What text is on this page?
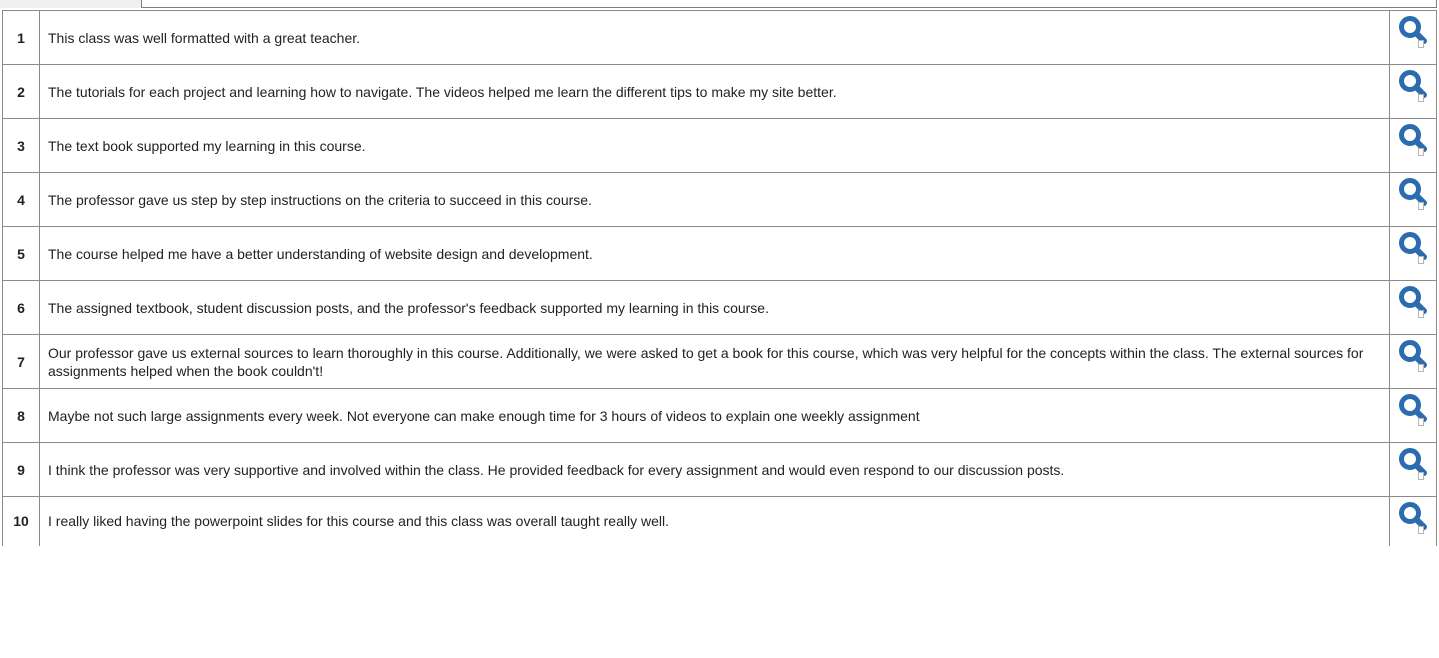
1	This class was well formatted with a great teacher.	

2	The tutorials for each project and learning how to navigate. The videos helped me learn the different tips to make my site better.	

3	The text book supported my learning in this course.	

4	The professor gave us step by step instructions on the criteria to succeed in this course.	

5	The course helped me have a better understanding of website design and development.	

6	The assigned textbook, student discussion posts, and the professor's feedback supported my learning in this course.	

7	Our professor gave us external sources to learn thoroughly in this course. Additionally, we were asked to get a book for this course, which was very helpful for the concepts within the class. The external sources for assignments helped when the book couldn't!	

8	Maybe not such large assignments every week. Not everyone can make enough time for 3 hours of videos to explain one weekly assignment	

9	I think the professor was very supportive and involved within the class. He provided feedback for every assignment and would even respond to our discussion posts.	

10	I really liked having the powerpoint slides for this course and this class was overall taught really well.	
